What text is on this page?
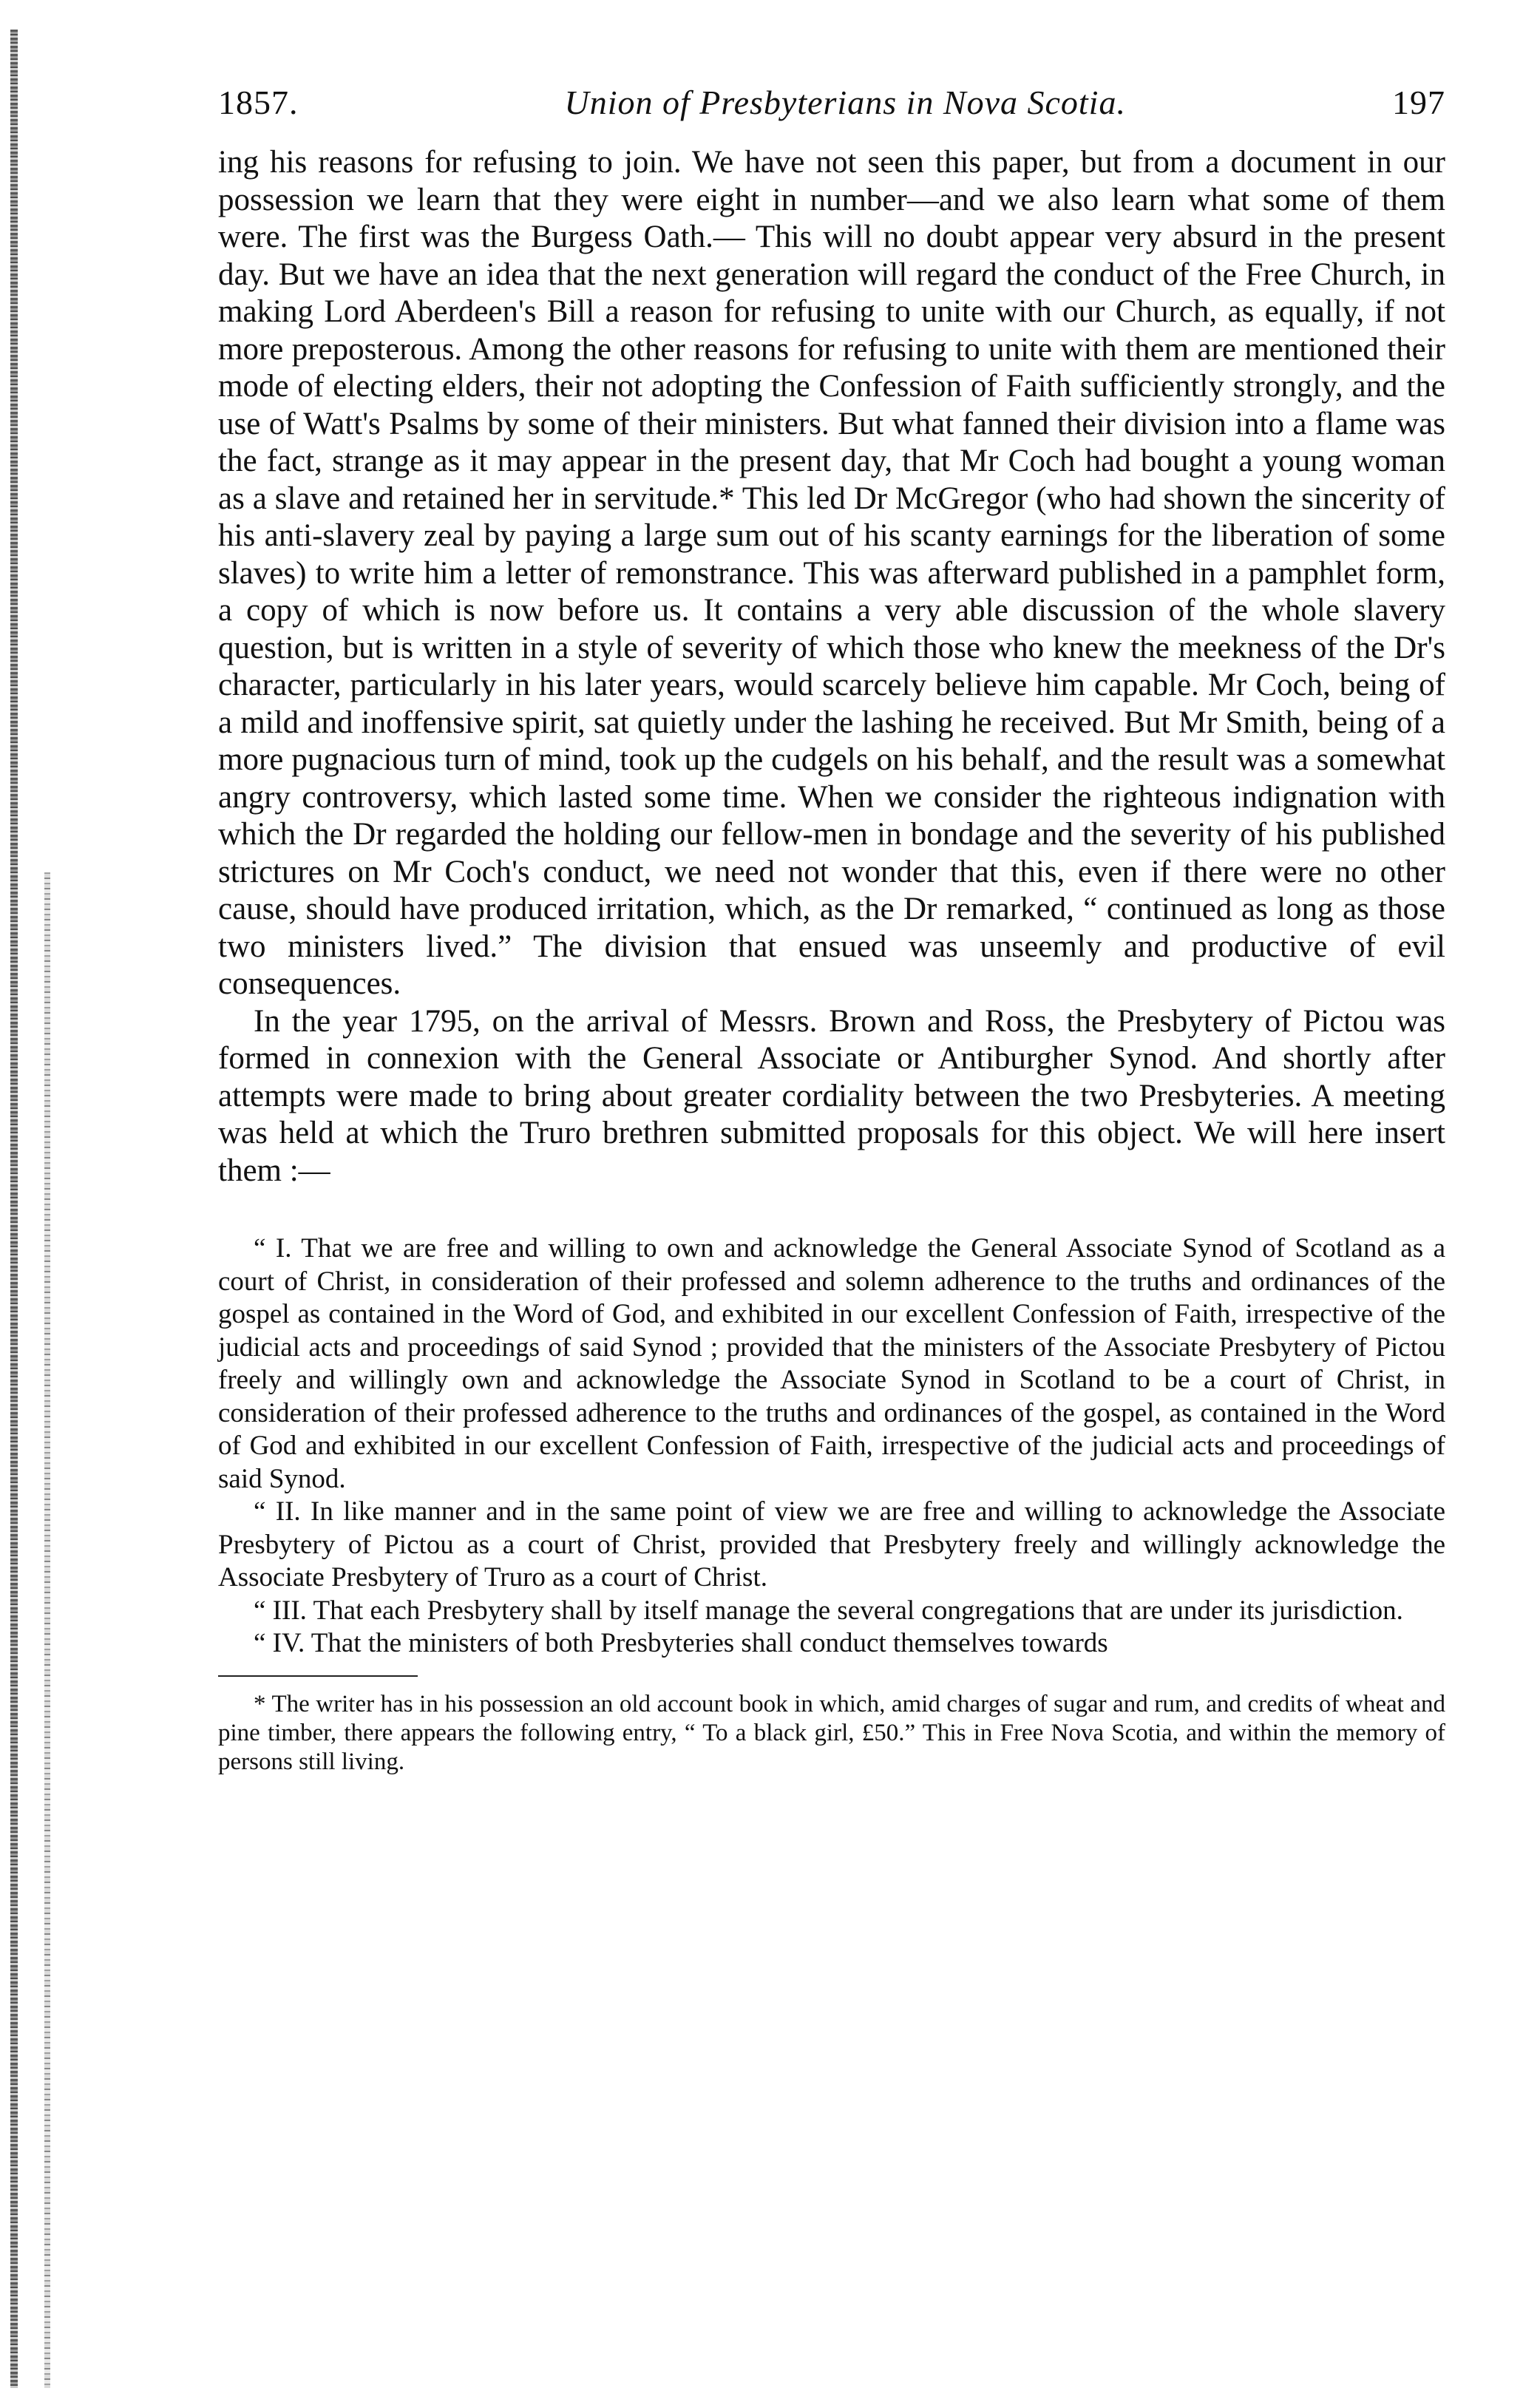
1857.	Union of Presbyterians in Nova Scotia.	197

ing his reasons for refusing to join. We have not seen this paper, but from a document in our possession we learn that they were eight in number—and we also learn what some of them were. The first was the Burgess Oath.— This will no doubt appear very absurd in the present day. But we have an idea that the next generation will regard the conduct of the Free Church, in making Lord Aberdeen's Bill a reason for refusing to unite with our Church, as equally, if not more preposterous. Among the other reasons for refusing to unite with them are mentioned their mode of electing elders, their not adopting the Confession of Faith sufficiently strongly, and the use of Watt's Psalms by some of their ministers. But what fanned their division into a flame was the fact, strange as it may appear in the present day, that Mr Coch had bought a young woman as a slave and retained her in servitude.* This led Dr McGregor (who had shown the sincerity of his anti-slavery zeal by paying a large sum out of his scanty earnings for the liberation of some slaves) to write him a letter of remonstrance. This was afterward published in a pamphlet form, a copy of which is now before us. It contains a very able discussion of the whole slavery question, but is written in a style of severity of which those who knew the meekness of the Dr's character, particularly in his later years, would scarcely believe him capable. Mr Coch, being of a mild and inoffensive spirit, sat quietly under the lashing he received. But Mr Smith, being of a more pugnacious turn of mind, took up the cudgels on his behalf, and the result was a somewhat angry controversy, which lasted some time. When we consider the righteous indignation with which the Dr regarded the holding our fellow-men in bondage and the severity of his published strictures on Mr Coch's conduct, we need not wonder that this, even if there were no other cause, should have produced irritation, which, as the Dr remarked, “ continued as long as those two ministers lived.” The division that ensued was unseemly and productive of evil consequences.

In the year 1795, on the arrival of Messrs. Brown and Ross, the Presbytery of Pictou was formed in connexion with the General Associate or Antiburgher Synod. And shortly after attempts were made to bring about greater cordiality between the two Presbyteries. A meeting was held at which the Truro brethren submitted proposals for this object. We will here insert them :—

“ I. That we are free and willing to own and acknowledge the General Associate Synod of Scotland as a court of Christ, in consideration of their professed and solemn adherence to the truths and ordinances of the gospel as contained in the Word of God, and exhibited in our excellent Confession of Faith, irrespective of the judicial acts and proceedings of said Synod ; provided that the ministers of the Associate Presbytery of Pictou freely and willingly own and acknowledge the Associate Synod in Scotland to be a court of Christ, in consideration of their professed adherence to the truths and ordinances of the gospel, as contained in the Word of God and exhibited in our excellent Confession of Faith, irrespective of the judicial acts and proceedings of said Synod.

“ II. In like manner and in the same point of view we are free and willing to acknowledge the Associate Presbytery of Pictou as a court of Christ, provided that Presbytery freely and willingly acknowledge the Associate Presbytery of Truro as a court of Christ.

“ III. That each Presbytery shall by itself manage the several congregations that are under its jurisdiction.

“ IV. That the ministers of both Presbyteries shall conduct themselves towards

* The writer has in his possession an old account book in which, amid charges of sugar and rum, and credits of wheat and pine timber, there appears the following entry, “ To a black girl, £50.” This in Free Nova Scotia, and within the memory of persons still living.
